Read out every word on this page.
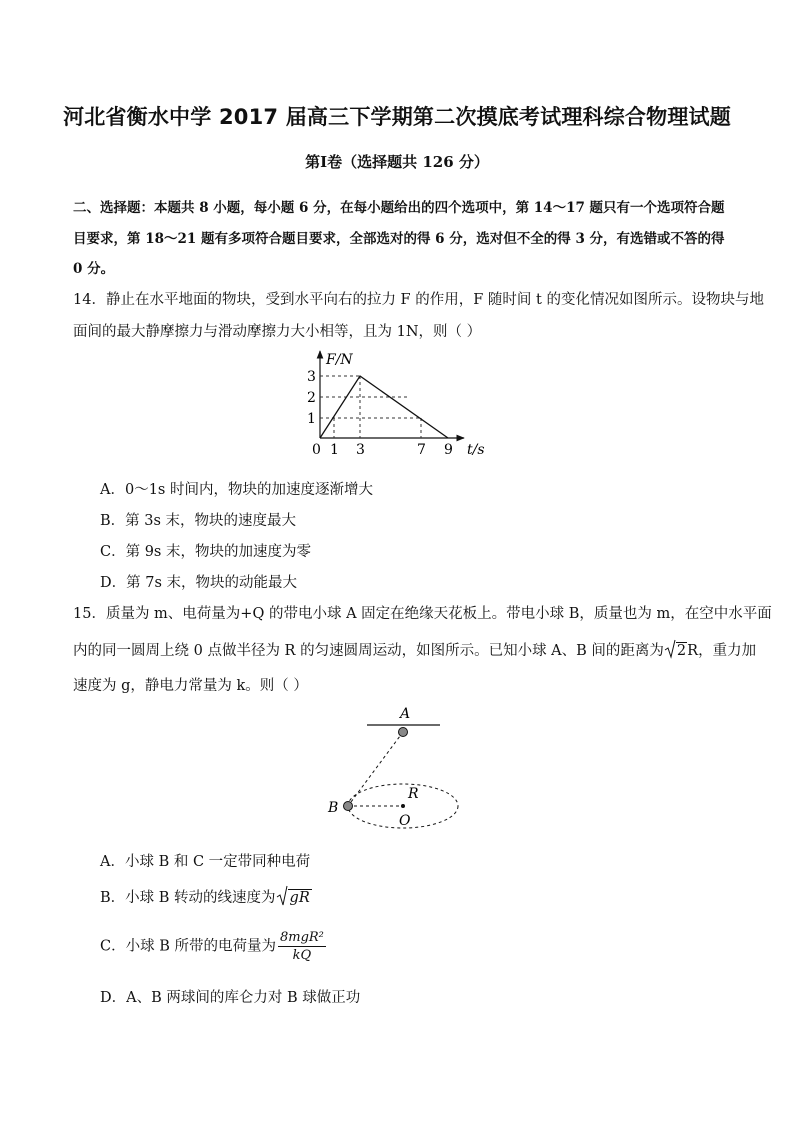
河北省衡水中学 2017 届高三下学期第二次摸底考试理科综合物理试题
第Ⅰ卷（选择题共 126 分）
二、选择题：本题共 8 小题，每小题 6 分，在每小题给出的四个选项中，第 14～17 题只有一个选项符合题
目要求，第 18～21 题有多项符合题目要求，全部选对的得 6 分，选对但不全的得 3 分，有选错或不答的得
0 分。
14．静止在水平地面的物块，受到水平向右的拉力 F 的作用，F 随时间 t 的变化情况如图所示。设物块与地
面间的最大静摩擦力与滑动摩擦力大小相等，且为 1N，则（ ）
F/N
t/s
0 1 3	7 9
1
2
3
A．0～1s 时间内，物块的加速度逐渐增大
B．第 3s 末，物块的速度最大
C．第 9s 末，物块的加速度为零
D．第 7s 末，物块的动能最大
15．质量为 m、电荷量为+Q 的带电小球 A 固定在绝缘天花板上。带电小球 B，质量也为 m，在空中水平面
内的同一圆周上绕 0 点做半径为 R 的匀速圆周运动，如图所示。已知小球 A、B 间的距离为 2R，重力加
速度为 g，静电力常量为 k。则（ ）
A
B
R
O
A．小球 B 和 C 一定带同种电荷
B．小球 B 转动的线速度为 gR
C．小球 B 所带的电荷量为 $\frac{\text{8mgR²}}{kQ}$
D．A、B 两球间的库仑力对 B 球做正功
